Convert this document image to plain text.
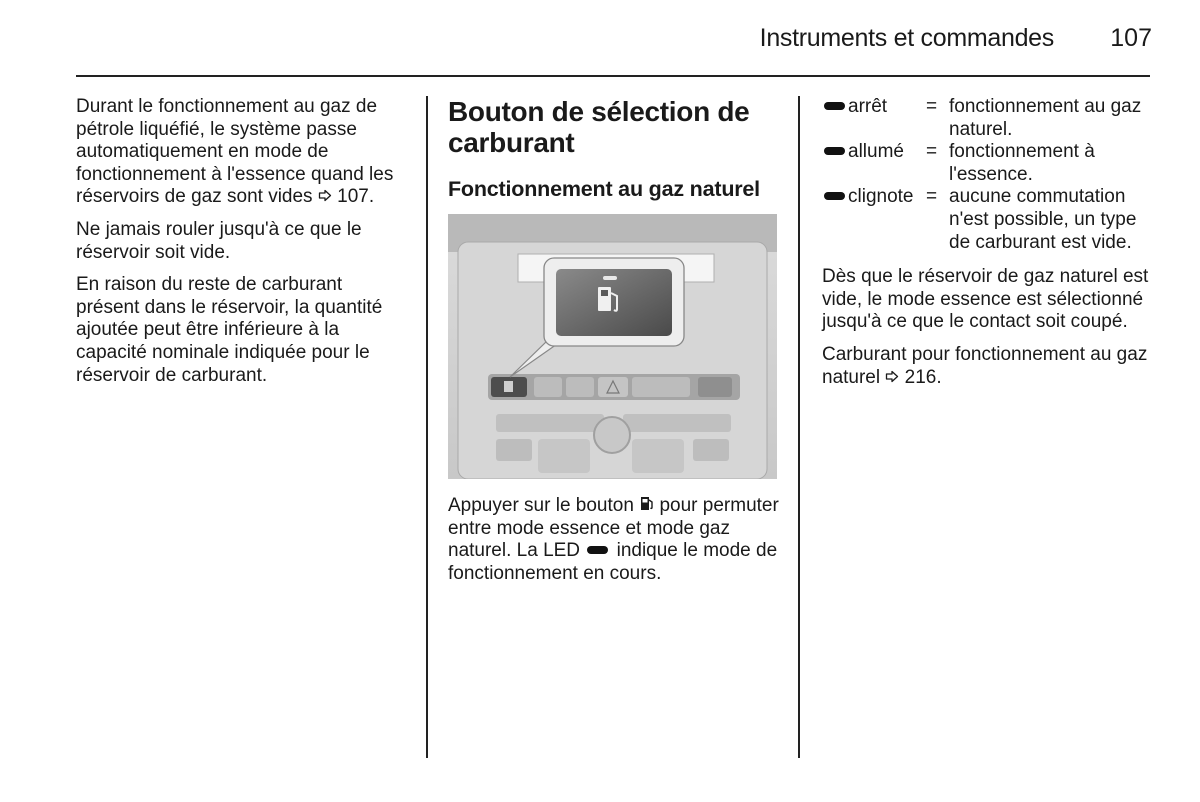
Instruments et commandes 107

Durant le fonctionnement au gaz de pétrole liquéfié, le système passe automatiquement en mode de fonctionnement à l'essence quand les réservoirs de gaz sont vides 107.

Ne jamais rouler jusqu'à ce que le réservoir soit vide.

En raison du reste de carburant présent dans le réservoir, la quantité ajoutée peut être inférieure à la capacité nominale indiquée pour le réservoir de carburant.

Bouton de sélection de carburant
Fonctionnement au gaz naturel

Appuyer sur le bouton pour permuter entre mode essence et mode gaz naturel. La LED indique le mode de fonctionnement en cours.

arrêt	=	fonctionnement au gaz naturel.
allumé	=	fonctionnement à l'essence.
clignote	=	aucune commutation n'est possible, un type de carburant est vide.

Dès que le réservoir de gaz naturel est vide, le mode essence est sélectionné jusqu'à ce que le contact soit coupé.

Carburant pour fonctionnement au gaz naturel 216.
